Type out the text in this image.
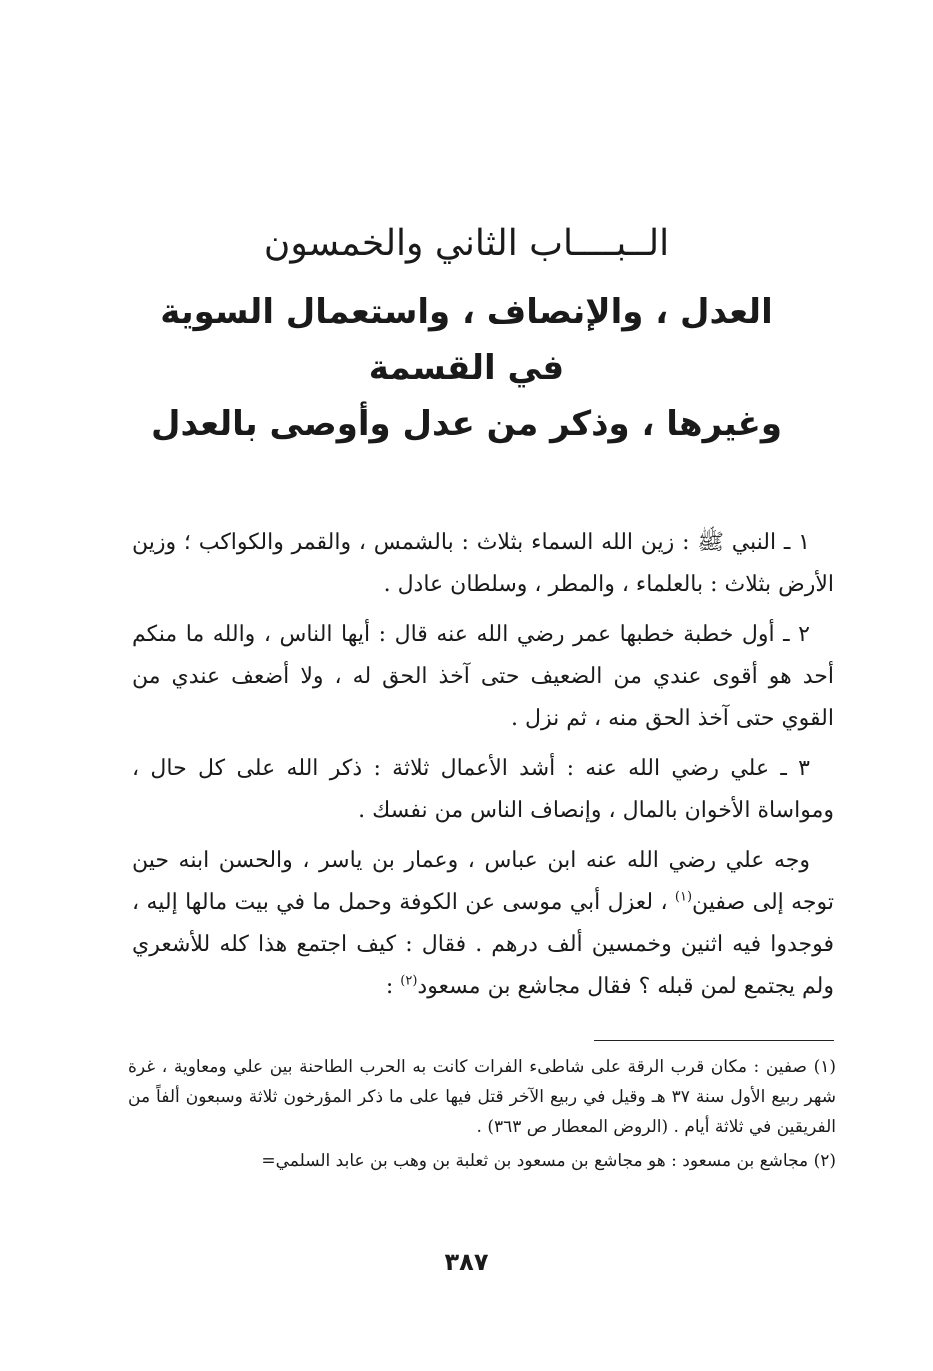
الــبــــاب الثاني والخمسون
العدل ، والإنصاف ، واستعمال السوية في القسمة
وغيرها ، وذكر من عدل وأوصى بالعدل

١ ـ النبي ﷺ : زين الله السماء بثلاث : بالشمس ، والقمر والكواكب ؛ وزين الأرض بثلاث : بالعلماء ، والمطر ، وسلطان عادل .

٢ ـ أول خطبة خطبها عمر رضي الله عنه قال : أيها الناس ، والله ما منكم أحد هو أقوى عندي من الضعيف حتى آخذ الحق له ، ولا أضعف عندي من القوي حتى آخذ الحق منه ، ثم نزل .

٣ ـ علي رضي الله عنه : أشد الأعمال ثلاثة : ذكر الله على كل حال ، ومواساة الأخوان بالمال ، وإنصاف الناس من نفسك .

وجه علي رضي الله عنه ابن عباس ، وعمار بن ياسر ، والحسن ابنه حين توجه إلى صفين$^{(١)}$ ، لعزل أبي موسى عن الكوفة وحمل ما في بيت مالها إليه ، فوجدوا فيه اثنين وخمسين ألف درهم . فقال : كيف اجتمع هذا كله للأشعري ولم يجتمع لمن قبله ؟ فقال مجاشع بن مسعود$^{(٢)}$ :

(١) صفين : مكان قرب الرقة على شاطىء الفرات كانت به الحرب الطاحنة بين علي ومعاوية ، غرة شهر ربيع الأول سنة ٣٧ هـ وقيل في ربيع الآخر قتل فيها على ما ذكر المؤرخون ثلاثة وسبعون ألفاً من الفريقين في ثلاثة أيام . (الروض المعطار ص ٣٦٣) .
(٢) مجاشع بن مسعود : هو مجاشع بن مسعود بن ثعلبة بن وهب بن عابد السلمي=
٣٨٧
